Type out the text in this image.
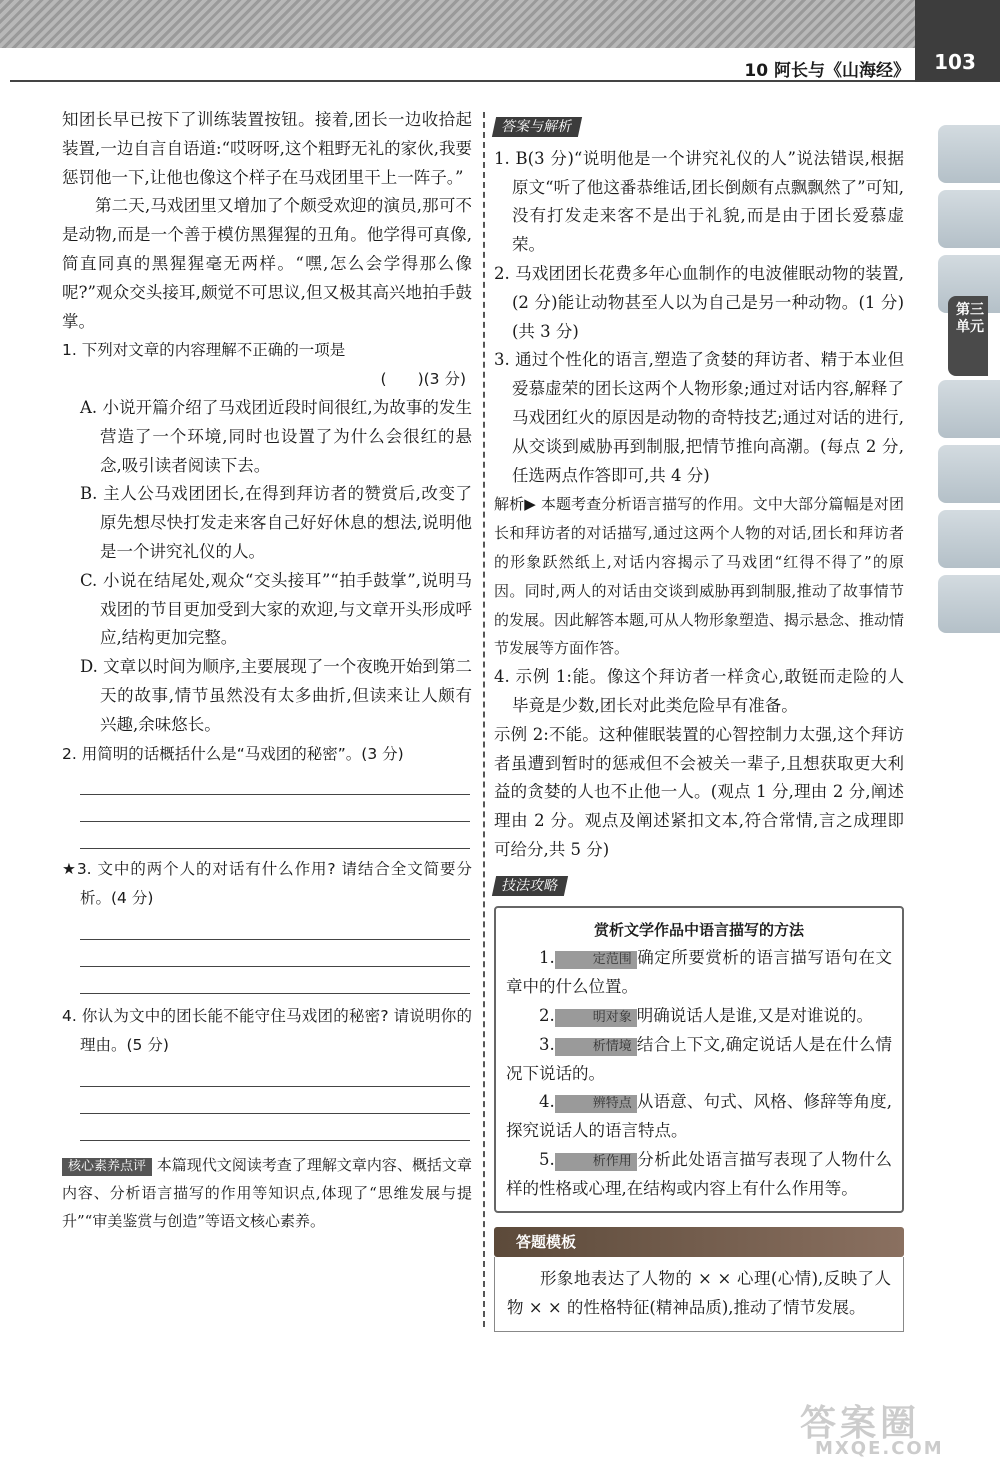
10 阿长与《山海经》	103
第三单元

知团长早已按下了训练装置按钮。接着,团长一边收拾起装置,一边自言自语道:“哎呀呀,这个粗野无礼的家伙,我要惩罚他一下,让他也像这个样子在马戏团里干上一阵子。”

第二天,马戏团里又增加了个颇受欢迎的演员,那可不是动物,而是一个善于模仿黑猩猩的丑角。他学得可真像,简直同真的黑猩猩毫无两样。“嘿,怎么会学得那么像呢?”观众交头接耳,颇觉不可思议,但又极其高兴地拍手鼓掌。

1. 下列对文章的内容理解不正确的一项是

(　　)(3 分)

A. 小说开篇介绍了马戏团近段时间很红,为故事的发生营造了一个环境,同时也设置了为什么会很红的悬念,吸引读者阅读下去。

B. 主人公马戏团团长,在得到拜访者的赞赏后,改变了原先想尽快打发走来客自己好好休息的想法,说明他是一个讲究礼仪的人。

C. 小说在结尾处,观众“交头接耳”“拍手鼓掌”,说明马戏团的节目更加受到大家的欢迎,与文章开头形成呼应,结构更加完整。

D. 文章以时间为顺序,主要展现了一个夜晚开始到第二天的故事,情节虽然没有太多曲折,但读来让人颇有兴趣,余味悠长。

2. 用简明的话概括什么是“马戏团的秘密”。(3 分)

★3. 文中的两个人的对话有什么作用? 请结合全文简要分析。(4 分)

4. 你认为文中的团长能不能守住马戏团的秘密? 请说明你的理由。(5 分)

核心素养点评 本篇现代文阅读考查了理解文章内容、概括文章内容、分析语言描写的作用等知识点,体现了“思维发展与提升”“审美鉴赏与创造”等语文核心素养。

答案与解析

1. B(3 分)“说明他是一个讲究礼仪的人”说法错误,根据原文“听了他这番恭维话,团长倒颇有点飘飘然了”可知,没有打发走来客不是出于礼貌,而是由于团长爱慕虚荣。

2. 马戏团团长花费多年心血制作的电波催眠动物的装置,(2 分)能让动物甚至人以为自己是另一种动物。(1 分)(共 3 分)

3. 通过个性化的语言,塑造了贪婪的拜访者、精于本业但爱慕虚荣的团长这两个人物形象;通过对话内容,解释了马戏团红火的原因是动物的奇特技艺;通过对话的进行,从交谈到威胁再到制服,把情节推向高潮。(每点 2 分,任选两点作答即可,共 4 分)

解析▶ 本题考查分析语言描写的作用。文中大部分篇幅是对团长和拜访者的对话描写,通过这两个人物的对话,团长和拜访者的形象跃然纸上,对话内容揭示了马戏团“红得不得了”的原因。同时,两人的对话由交谈到威胁再到制服,推动了故事情节的发展。因此解答本题,可从人物形象塑造、揭示悬念、推动情节发展等方面作答。

4. 示例 1:能。像这个拜访者一样贪心,敢铤而走险的人毕竟是少数,团长对此类危险早有准备。

示例 2:不能。这种催眠装置的心智控制力太强,这个拜访者虽遭到暂时的惩戒但不会被关一辈子,且想获取更大利益的贪婪的人也不止他一人。(观点 1 分,理由 2 分,阐述理由 2 分。观点及阐述紧扣文本,符合常情,言之成理即可给分,共 5 分)

技法攻略

赏析文学作品中语言描写的方法

1.	定范围 确定所要赏析的语言描写语句在文章中的什么位置。

2.	明对象 明确说话人是谁,又是对谁说的。

3.	析情境 结合上下文,确定说话人是在什么情况下说话的。

4.	辨特点 从语意、句式、风格、修辞等角度,探究说话人的语言特点。

5.	析作用 分析此处语言描写表现了人物什么样的性格或心理,在结构或内容上有什么作用等。

答题模板

形象地表达了人物的 × × 心理(心情),反映了人物 × × 的性格特征(精神品质),推动了情节发展。

答案圈
MXQE.COM
